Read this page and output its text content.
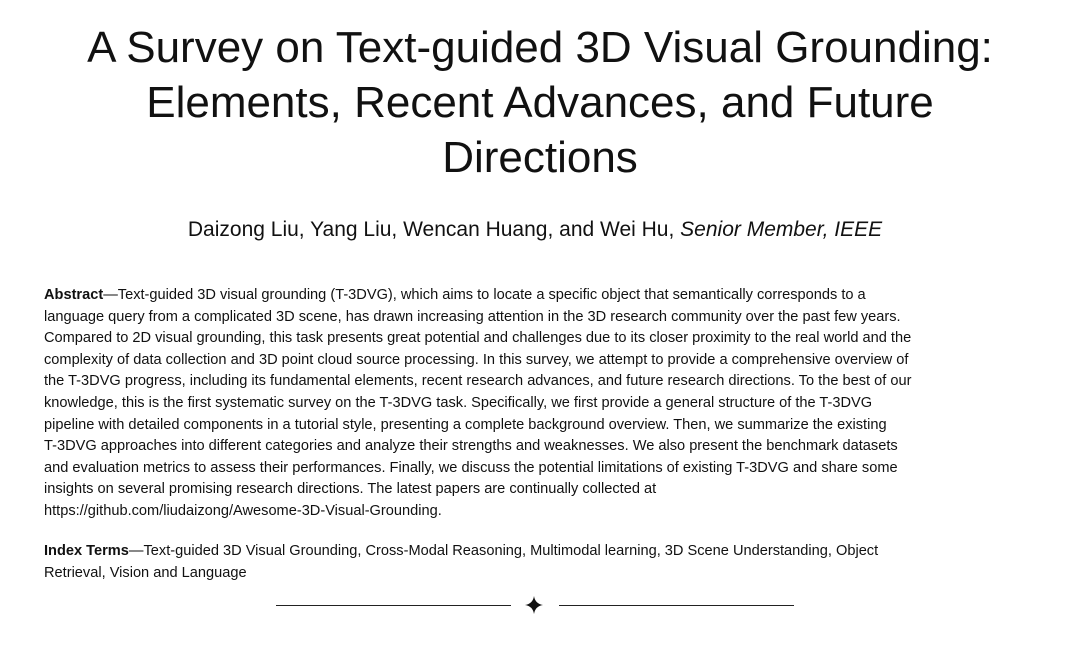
A Survey on Text-guided 3D Visual Grounding:
Elements, Recent Advances, and Future
Directions
Daizong Liu, Yang Liu, Wencan Huang, and Wei Hu, Senior Member, IEEE

Abstract—Text-guided 3D visual grounding (T-3DVG), which aims to locate a specific object that semantically corresponds to a
language query from a complicated 3D scene, has drawn increasing attention in the 3D research community over the past few years.
Compared to 2D visual grounding, this task presents great potential and challenges due to its closer proximity to the real world and the
complexity of data collection and 3D point cloud source processing. In this survey, we attempt to provide a comprehensive overview of
the T-3DVG progress, including its fundamental elements, recent research advances, and future research directions. To the best of our
knowledge, this is the first systematic survey on the T-3DVG task. Specifically, we first provide a general structure of the T-3DVG
pipeline with detailed components in a tutorial style, presenting a complete background overview. Then, we summarize the existing
T-3DVG approaches into different categories and analyze their strengths and weaknesses. We also present the benchmark datasets
and evaluation metrics to assess their performances. Finally, we discuss the potential limitations of existing T-3DVG and share some
insights on several promising research directions. The latest papers are continually collected at
https://github.com/liudaizong/Awesome-3D-Visual-Grounding.

Index Terms—Text-guided 3D Visual Grounding, Cross-Modal Reasoning, Multimodal learning, 3D Scene Understanding, Object
Retrieval, Vision and Language
